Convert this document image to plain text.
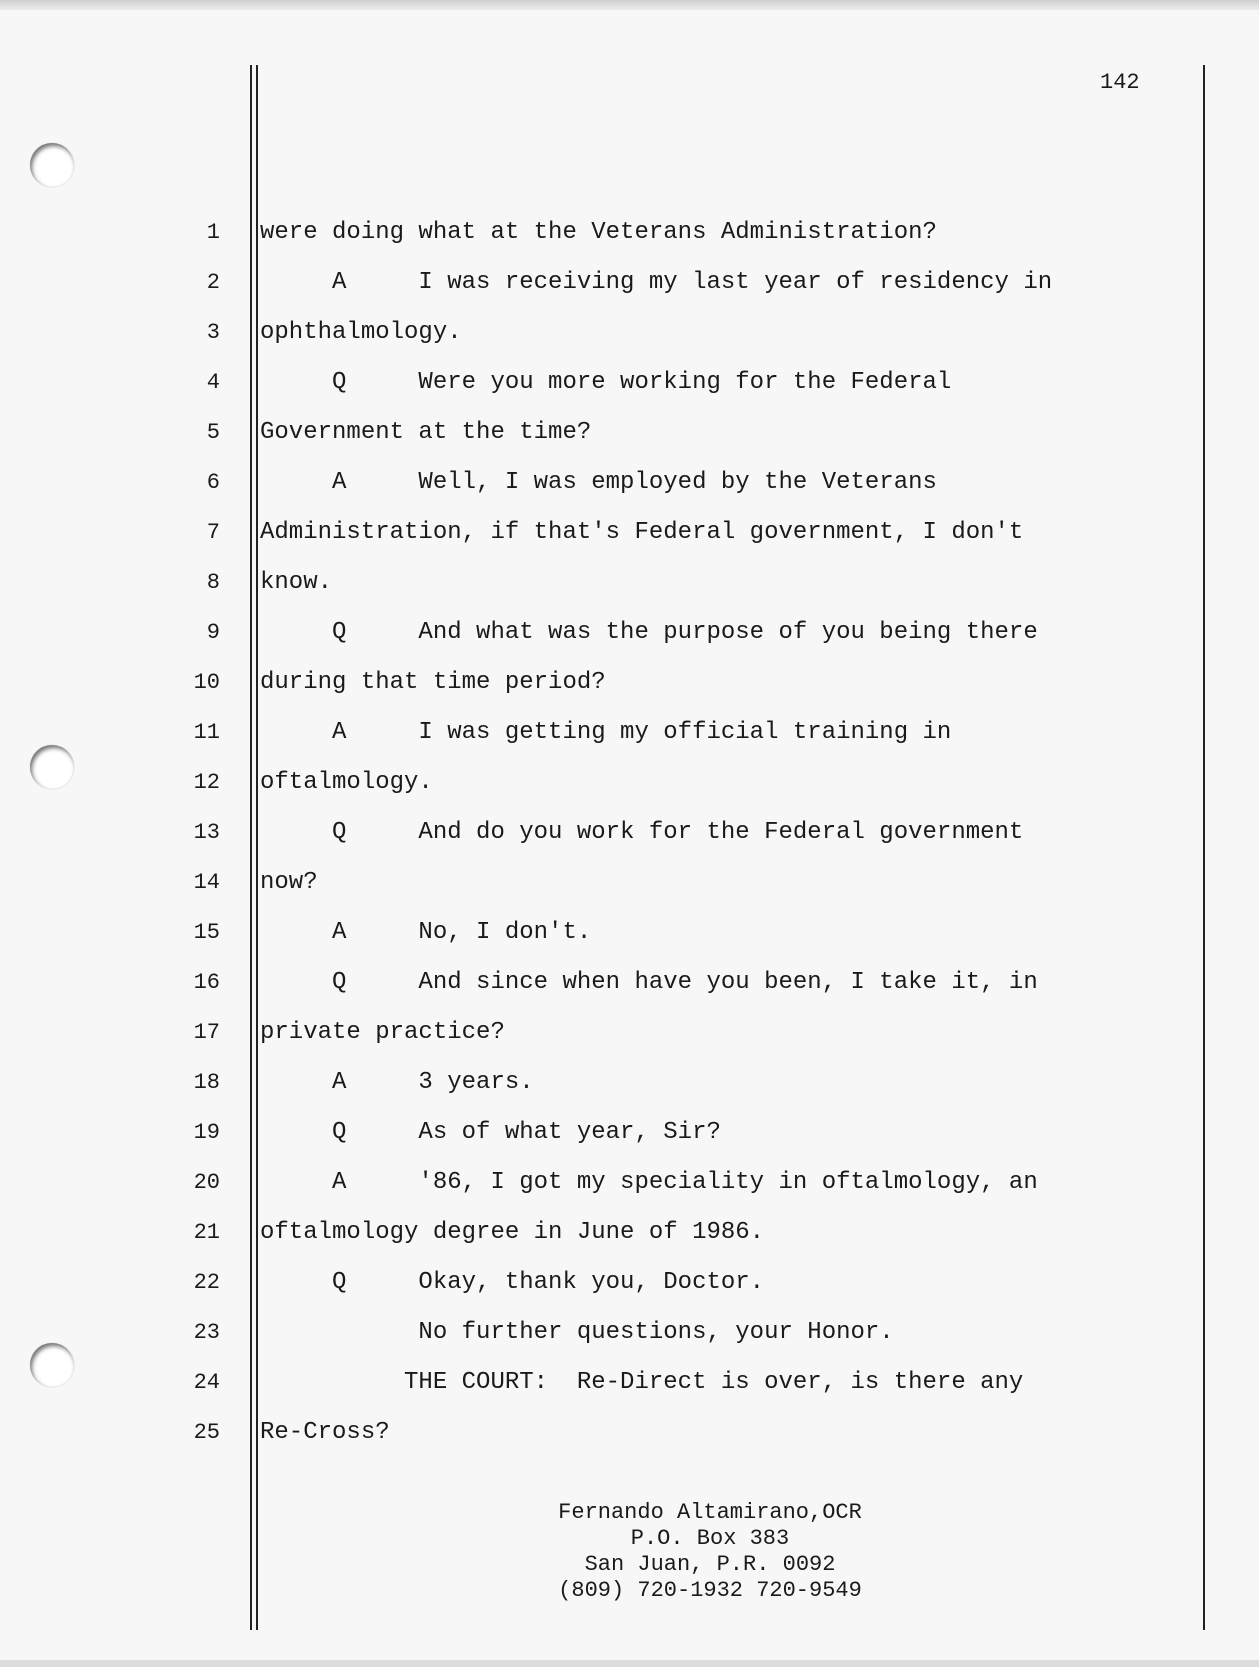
142
1
2
3
4
5
6
7
8
9
10
11
12
13
14
15
16
17
18
19
20
21
22
23
24
25
were doing what at the Veterans Administration?
A     I was receiving my last year of residency in
ophthalmology.
Q     Were you more working for the Federal
Government at the time?
A     Well, I was employed by the Veterans
Administration, if that's Federal government, I don't
know.
Q     And what was the purpose of you being there
during that time period?
A     I was getting my official training in
oftalmology.
Q     And do you work for the Federal government
now?
A     No, I don't.
Q     And since when have you been, I take it, in
private practice?
A     3 years.
Q     As of what year, Sir?
A     '86, I got my speciality in oftalmology, an
oftalmology degree in June of 1986.
Q     Okay, thank you, Doctor.
No further questions, your Honor.
THE COURT:  Re-Direct is over, is there any
Re-Cross?
Fernando Altamirano,OCR
P.O. Box 383
San Juan, P.R. 0092
(809) 720-1932 720-9549
